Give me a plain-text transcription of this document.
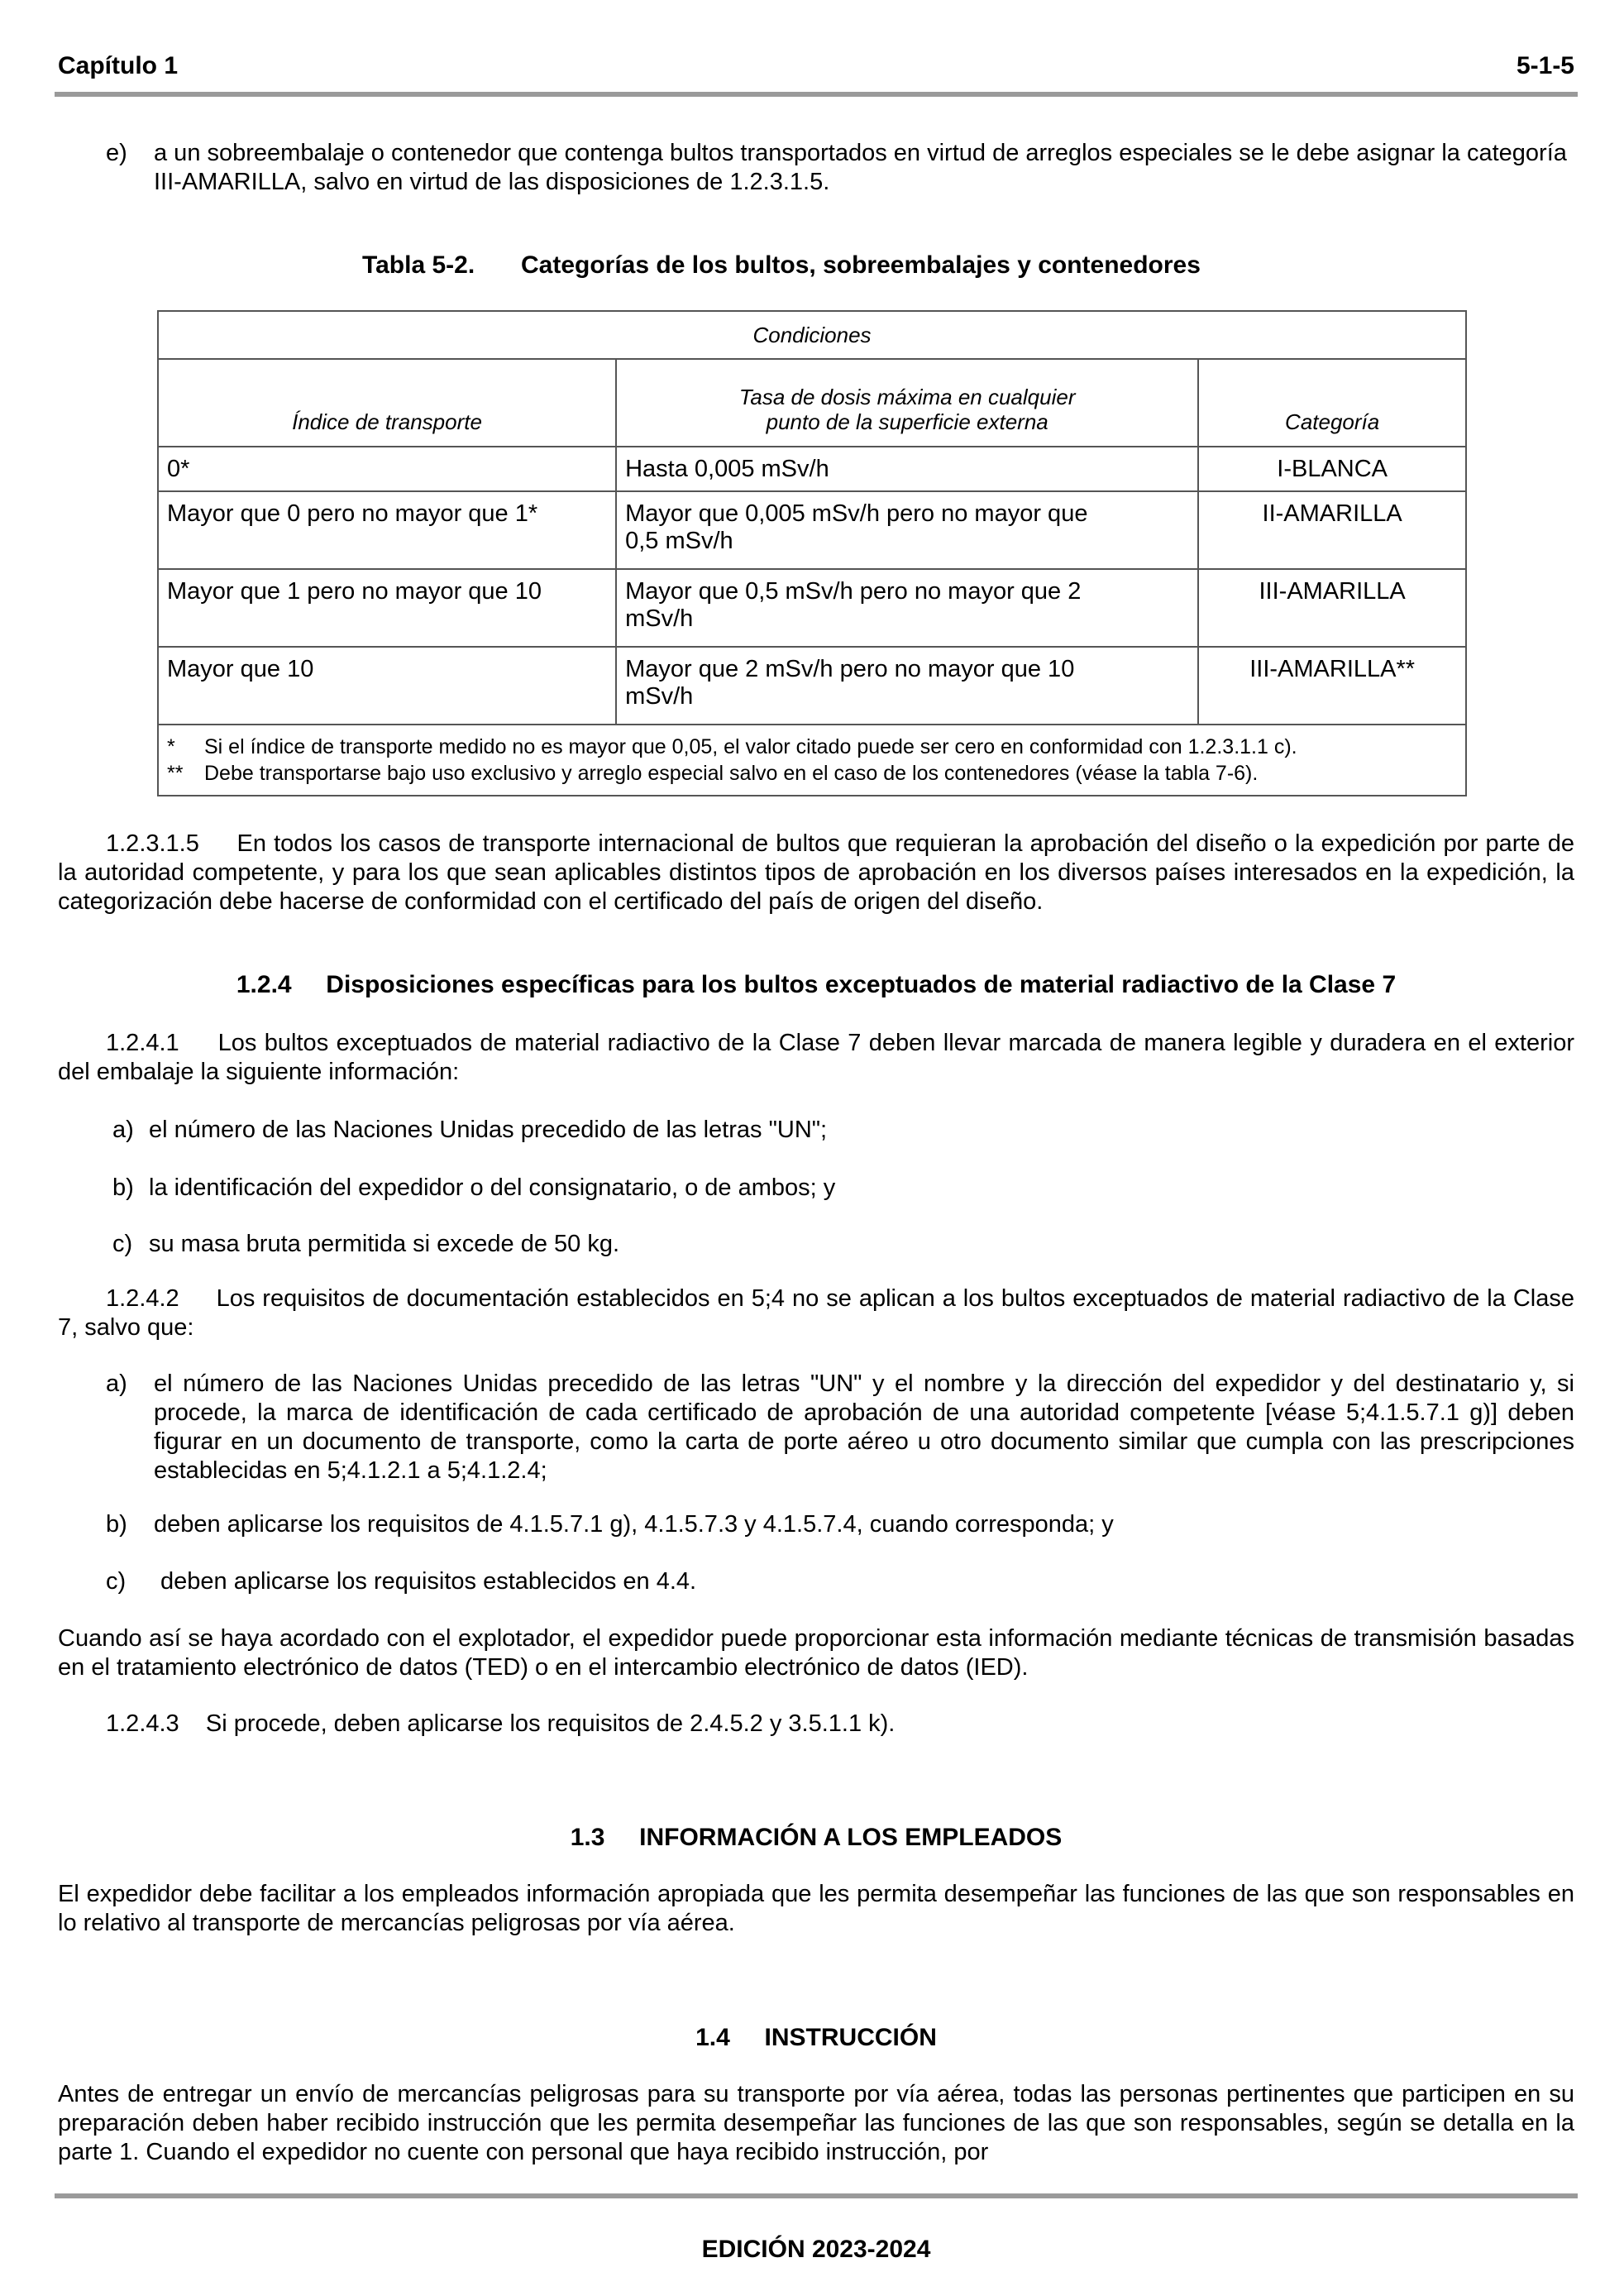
Capítulo 1	5-1-5
e) a un sobreembalaje o contenedor que contenga bultos transportados en virtud de arreglos especiales se le debe asignar la categoría III-AMARILLA, salvo en virtud de las disposiciones de 1.2.3.1.5.
Tabla 5-2. Categorías de los bultos, sobreembalajes y contenedores
Condiciones		
Índice de transporte	Tasa de dosis máxima en cualquier punto de la superficie externa	Categoría
0*	Hasta 0,005 mSv/h	I-BLANCA
Mayor que 0 pero no mayor que 1*	Mayor que 0,005 mSv/h pero no mayor que 0,5 mSv/h	II-AMARILLA
Mayor que 1 pero no mayor que 10	Mayor que 0,5 mSv/h pero no mayor que 2 mSv/h	III-AMARILLA
Mayor que 10	Mayor que 2 mSv/h pero no mayor que 10 mSv/h	III-AMARILLA**

* Si el índice de transporte medido no es mayor que 0,05, el valor citado puede ser cero en conformidad con 1.2.3.1.1 c).
** Debe transportarse bajo uso exclusivo y arreglo especial salvo en el caso de los contenedores (véase la tabla 7-6).		
1.2.3.1.5 En todos los casos de transporte internacional de bultos que requieran la aprobación del diseño o la expedición por parte de la autoridad competente, y para los que sean aplicables distintos tipos de aprobación en los diversos países interesados en la expedición, la categorización debe hacerse de conformidad con el certificado del país de origen del diseño.
1.2.4 Disposiciones específicas para los bultos exceptuados de material radiactivo de la Clase 7
1.2.4.1 Los bultos exceptuados de material radiactivo de la Clase 7 deben llevar marcada de manera legible y duradera en el exterior del embalaje la siguiente información:
a) el número de las Naciones Unidas precedido de las letras "UN";
b) la identificación del expedidor o del consignatario, o de ambos; y
c) su masa bruta permitida si excede de 50 kg.
1.2.4.2 Los requisitos de documentación establecidos en 5;4 no se aplican a los bultos exceptuados de material radiactivo de la Clase 7, salvo que:
a) el número de las Naciones Unidas precedido de las letras "UN" y el nombre y la dirección del expedidor y del destinatario y, si procede, la marca de identificación de cada certificado de aprobación de una autoridad competente [véase 5;4.1.5.7.1 g)] deben figurar en un documento de transporte, como la carta de porte aéreo u otro documento similar que cumpla con las prescripciones establecidas en 5;4.1.2.1 a 5;4.1.2.4;
b) deben aplicarse los requisitos de 4.1.5.7.1 g), 4.1.5.7.3 y 4.1.5.7.4, cuando corresponda; y
c) deben aplicarse los requisitos establecidos en 4.4.
Cuando así se haya acordado con el explotador, el expedidor puede proporcionar esta información mediante técnicas de transmisión basadas en el tratamiento electrónico de datos (TED) o en el intercambio electrónico de datos (IED).
1.2.4.3 Si procede, deben aplicarse los requisitos de 2.4.5.2 y 3.5.1.1 k).
1.3 INFORMACIÓN A LOS EMPLEADOS
El expedidor debe facilitar a los empleados información apropiada que les permita desempeñar las funciones de las que son responsables en lo relativo al transporte de mercancías peligrosas por vía aérea.
1.4 INSTRUCCIÓN
Antes de entregar un envío de mercancías peligrosas para su transporte por vía aérea, todas las personas pertinentes que participen en su preparación deben haber recibido instrucción que les permita desempeñar las funciones de las que son responsables, según se detalla en la parte 1. Cuando el expedidor no cuente con personal que haya recibido instrucción, por
EDICIÓN 2023-2024
